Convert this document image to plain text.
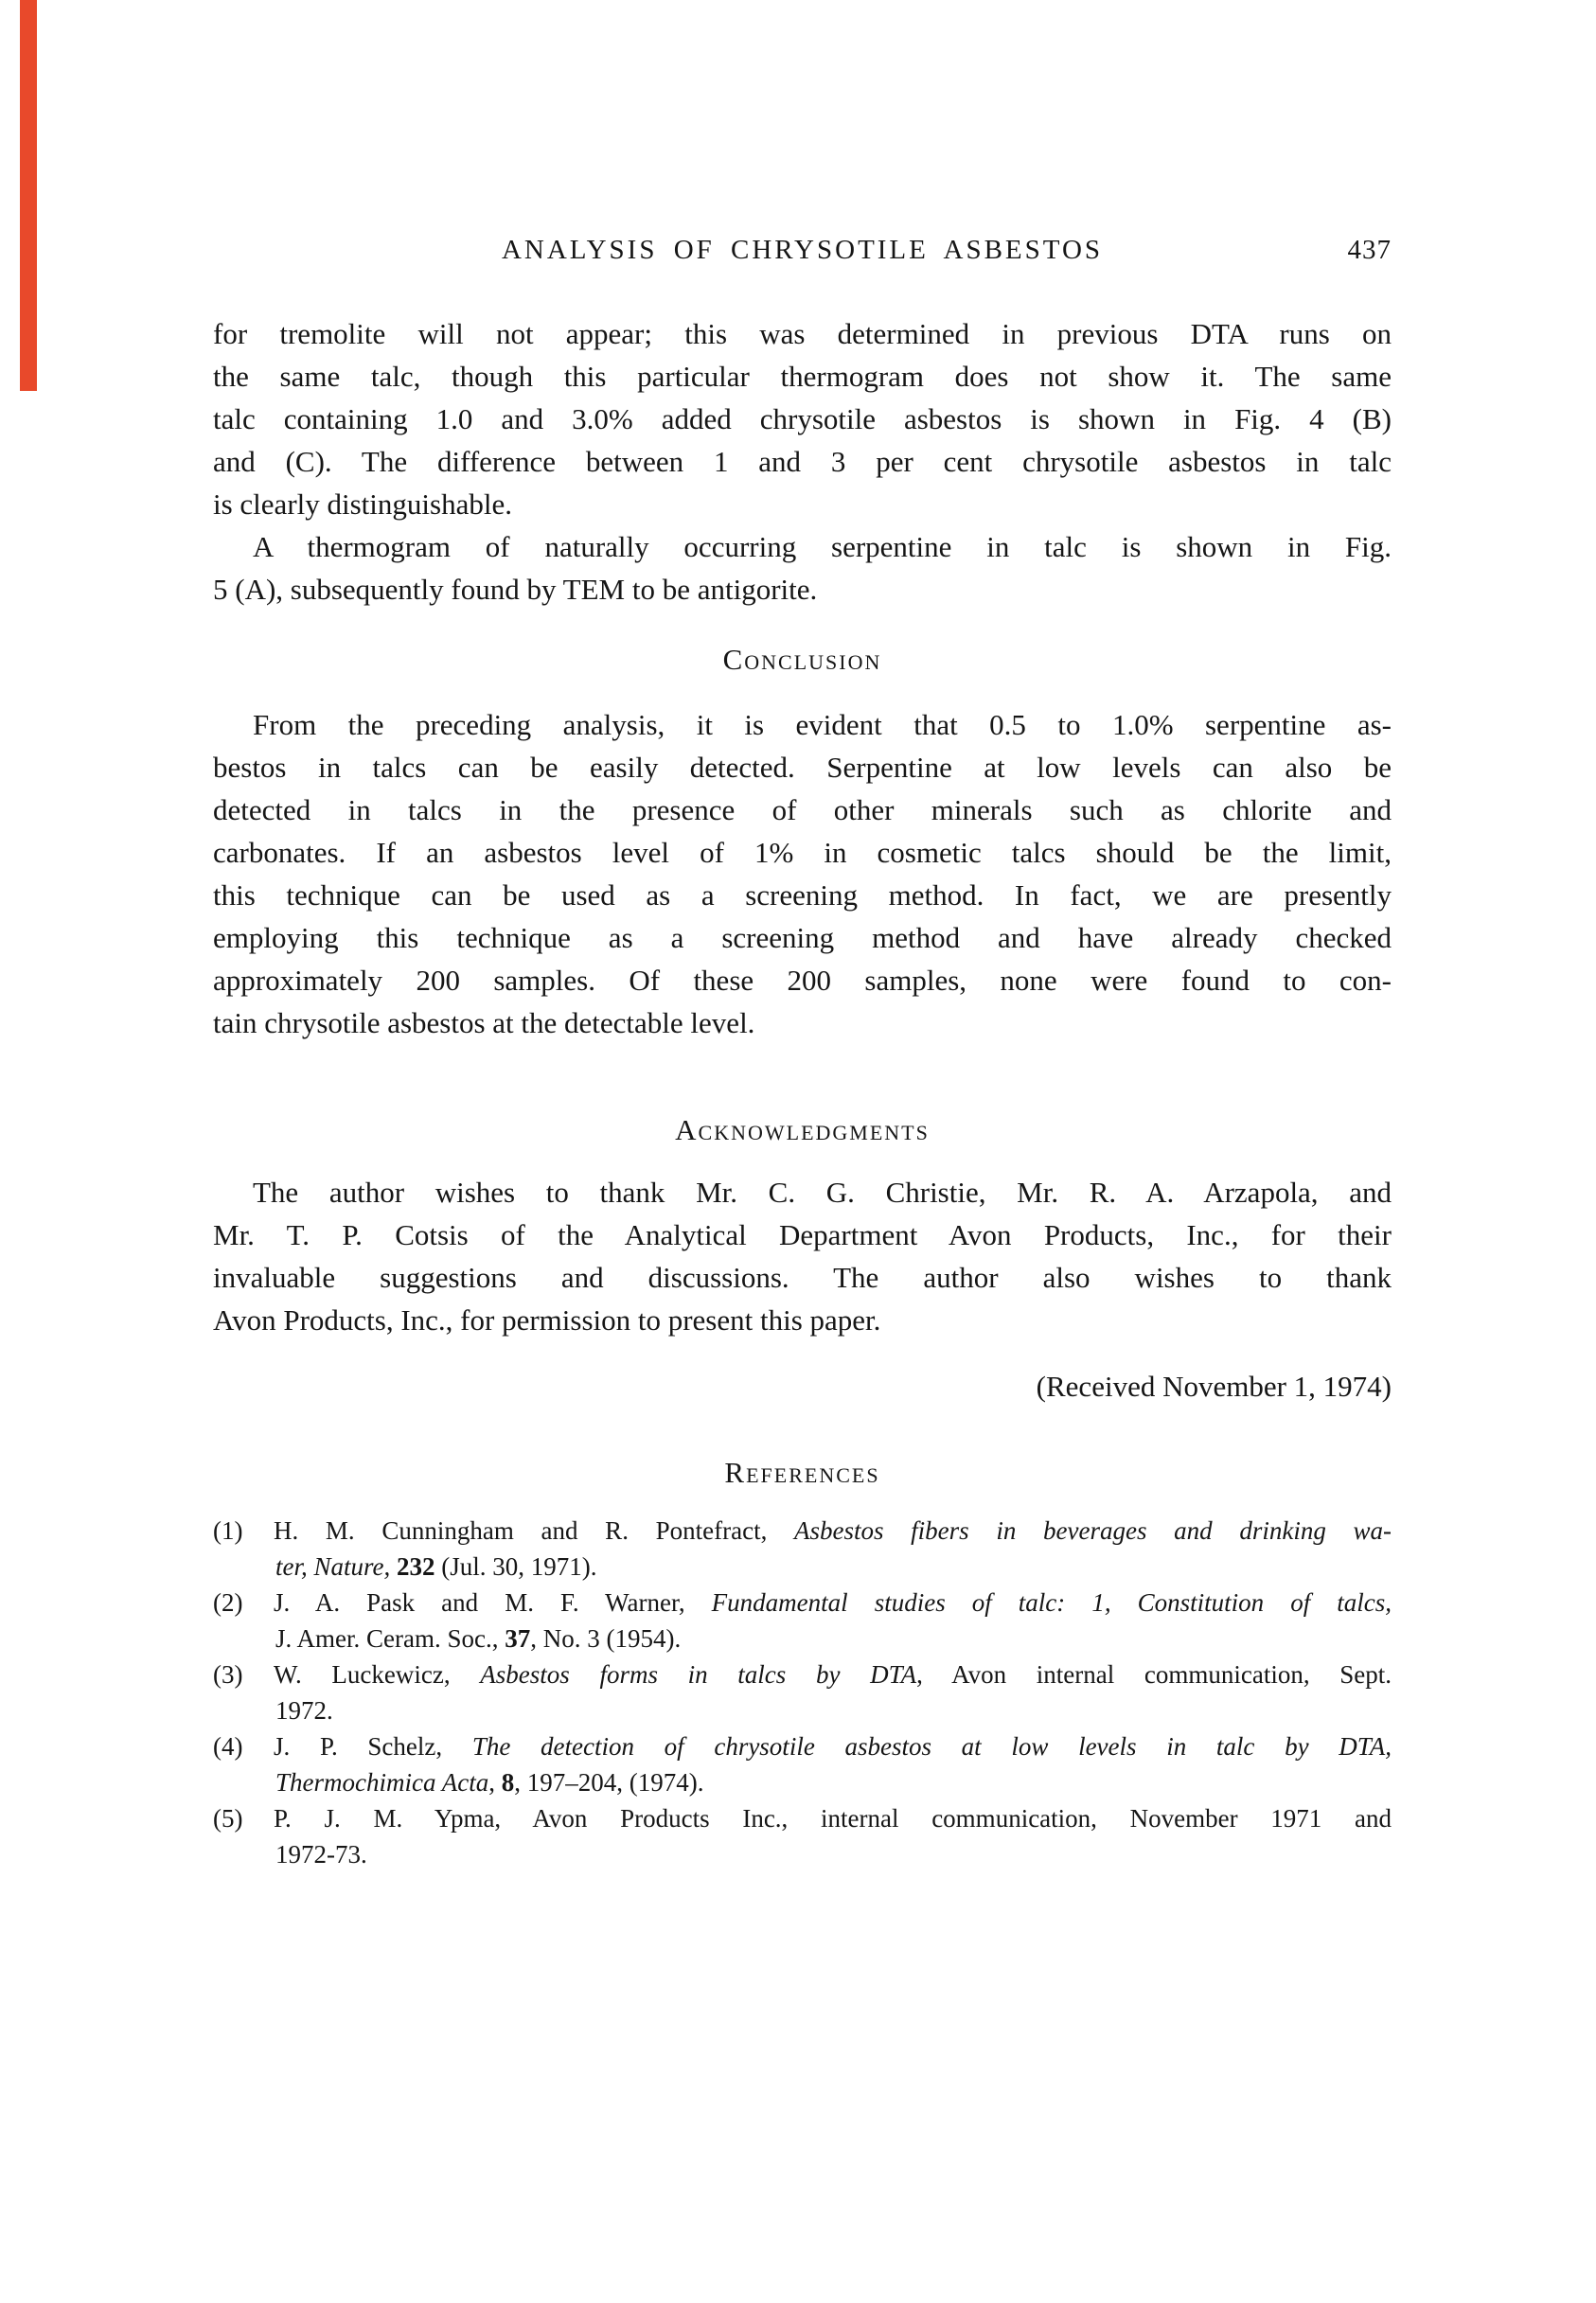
ANALYSIS OF CHRYSOTILE ASBESTOS	437
for tremolite will not appear; this was determined in previous DTA runs on
the same talc, though this particular thermogram does not show it. The same
talc containing 1.0 and 3.0% added chrysotile asbestos is shown in Fig. 4 (B)
and (C). The difference between 1 and 3 per cent chrysotile asbestos in talc
is clearly distinguishable.
A thermogram of naturally occurring serpentine in talc is shown in Fig.
5 (A), subsequently found by TEM to be antigorite.
Conclusion
From the preceding analysis, it is evident that 0.5 to 1.0% serpentine as-
bestos in talcs can be easily detected. Serpentine at low levels can also be
detected in talcs in the presence of other minerals such as chlorite and
carbonates. If an asbestos level of 1% in cosmetic talcs should be the limit,
this technique can be used as a screening method. In fact, we are presently
employing this technique as a screening method and have already checked
approximately 200 samples. Of these 200 samples, none were found to con-
tain chrysotile asbestos at the detectable level.
Acknowledgments
The author wishes to thank Mr. C. G. Christie, Mr. R. A. Arzapola, and
Mr. T. P. Cotsis of the Analytical Department Avon Products, Inc., for their
invaluable suggestions and discussions. The author also wishes to thank
Avon Products, Inc., for permission to present this paper.
(Received November 1, 1974)
References
(1) H. M. Cunningham and R. Pontefract, Asbestos fibers in beverages and drinking wa-
ter, Nature, 232 (Jul. 30, 1971).
(2) J. A. Pask and M. F. Warner, Fundamental studies of talc: 1, Constitution of talcs,
J. Amer. Ceram. Soc., 37, No. 3 (1954).
(3) W. Luckewicz, Asbestos forms in talcs by DTA, Avon internal communication, Sept.
1972.
(4) J. P. Schelz, The detection of chrysotile asbestos at low levels in talc by DTA,
Thermochimica Acta, 8, 197–204, (1974).
(5) P. J. M. Ypma, Avon Products Inc., internal communication, November 1971 and
1972-73.
